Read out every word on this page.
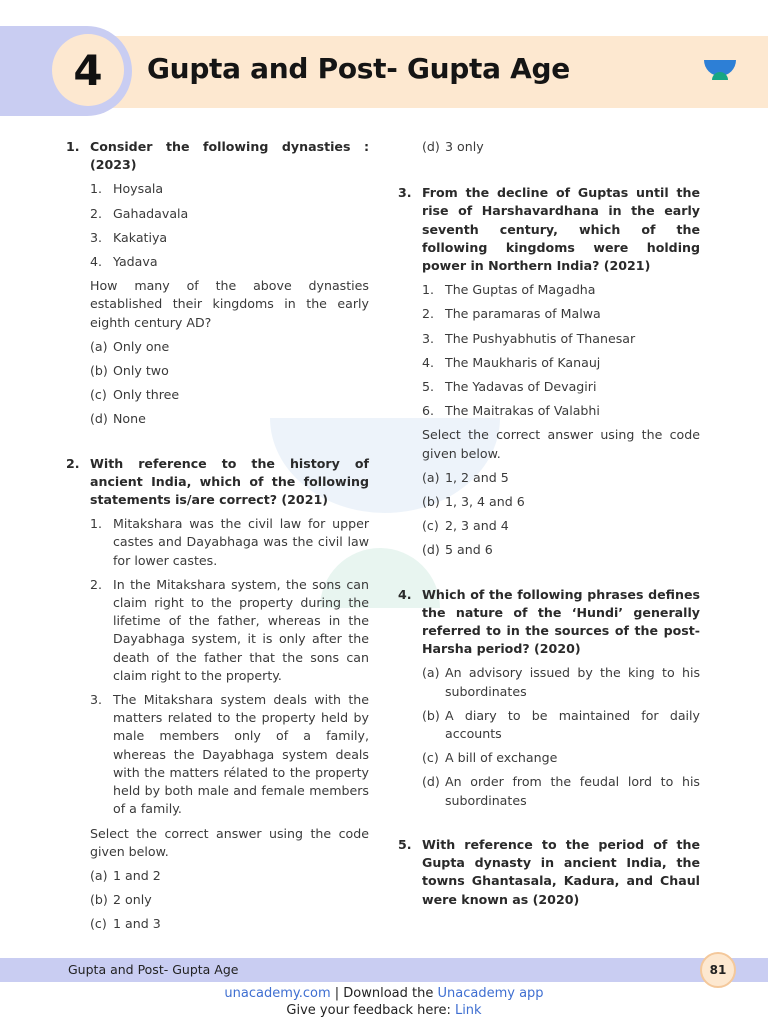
4	Gupta and Post- Gupta Age
1. Consider the following dynasties : (2023)
1. Hoysala
2. Gahadavala
3. Kakatiya
4. Yadava
How many of the above dynasties established their kingdoms in the early eighth century AD?
(a) Only one
(b) Only two
(c) Only three
(d) None
2. With reference to the history of ancient India, which of the following statements is/are correct? (2021)
1. Mitakshara was the civil law for upper castes and Dayabhaga was the civil law for lower castes.
2. In the Mitakshara system, the sons can claim right to the property during the lifetime of the father, whereas in the Dayabhaga system, it is only after the death of the father that the sons can claim right to the property.
3. The Mitakshara system deals with the matters related to the property held by male members only of a family, whereas the Dayabhaga system deals with the matters rélated to the property held by both male and female members of a family.
Select the correct answer using the code given below.
(a) 1 and 2
(b) 2 only
(c) 1 and 3
(d) 3 only
3. From the decline of Guptas until the rise of Harshavardhana in the early seventh century, which of the following kingdoms were holding power in Northern India? (2021)
1. The Guptas of Magadha
2. The paramaras of Malwa
3. The Pushyabhutis of Thanesar
4. The Maukharis of Kanauj
5. The Yadavas of Devagiri
6. The Maitrakas of Valabhi
Select the correct answer using the code given below.
(a) 1, 2 and 5
(b) 1, 3, 4 and 6
(c) 2, 3 and 4
(d) 5 and 6
4. Which of the following phrases defines the nature of the ‘Hundi’ generally referred to in the sources of the post-Harsha period? (2020)
(a) An advisory issued by the king to his subordinates
(b) A diary to be maintained for daily accounts
(c) A bill of exchange
(d) An order from the feudal lord to his subordinates
5. With reference to the period of the Gupta dynasty in ancient India, the towns Ghantasala, Kadura, and Chaul were known as (2020)
Gupta and Post- Gupta Age	81
unacademy.com | Download the Unacademy app
Give your feedback here: Link
